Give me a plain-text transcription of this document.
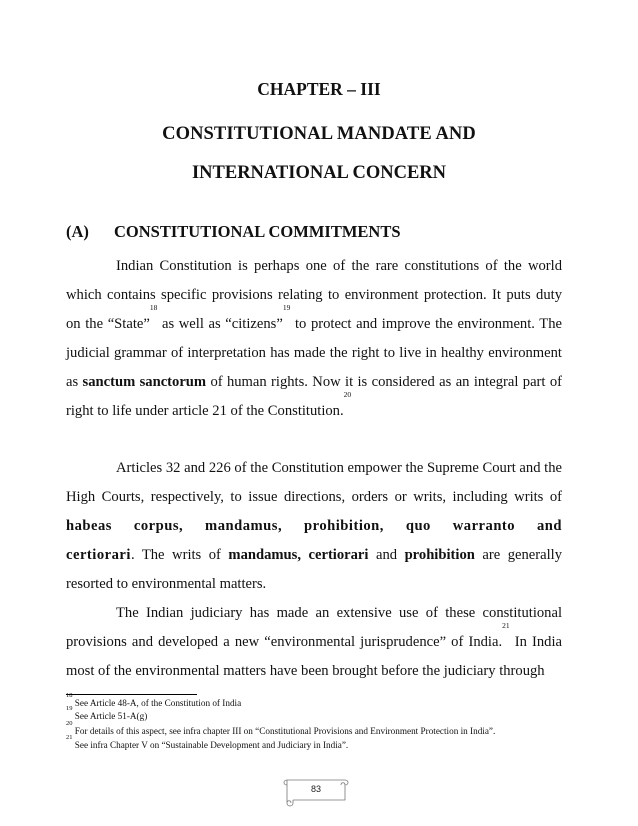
CHAPTER – III
CONSTITUTIONAL MANDATE AND
INTERNATIONAL CONCERN
(A) CONSTITUTIONAL COMMITMENTS
Indian Constitution is perhaps one of the rare constitutions of the world which contains specific provisions relating to environment protection. It puts duty on the “State”$^{18}$ as well as “citizens”$^{19}$ to protect and improve the environment. The judicial grammar of interpretation has made the right to live in healthy environment as sanctum sanctorum of human rights. Now it is considered as an integral part of right to life under article 21 of the Constitution.$^{20}$
Articles 32 and 226 of the Constitution empower the Supreme Court and the High Courts, respectively, to issue directions, orders or writs, including writs of habeas corpus, mandamus, prohibition, quo warranto and certiorari. The writs of mandamus, certiorari and prohibition are generally resorted to environmental matters.
The Indian judiciary has made an extensive use of these constitutional provisions and developed a new “environmental jurisprudence” of India.$^{21}$ In India most of the environmental matters have been brought before the judiciary through
$^{18}$ See Article 48-A, of the Constitution of India
$^{19}$ See Article 51-A(g)
$^{20}$ For details of this aspect, see infra chapter III on “Constitutional Provisions and Environment Protection in India”.
$^{21}$ See infra Chapter V on “Sustainable Development and Judiciary in India”.
83
